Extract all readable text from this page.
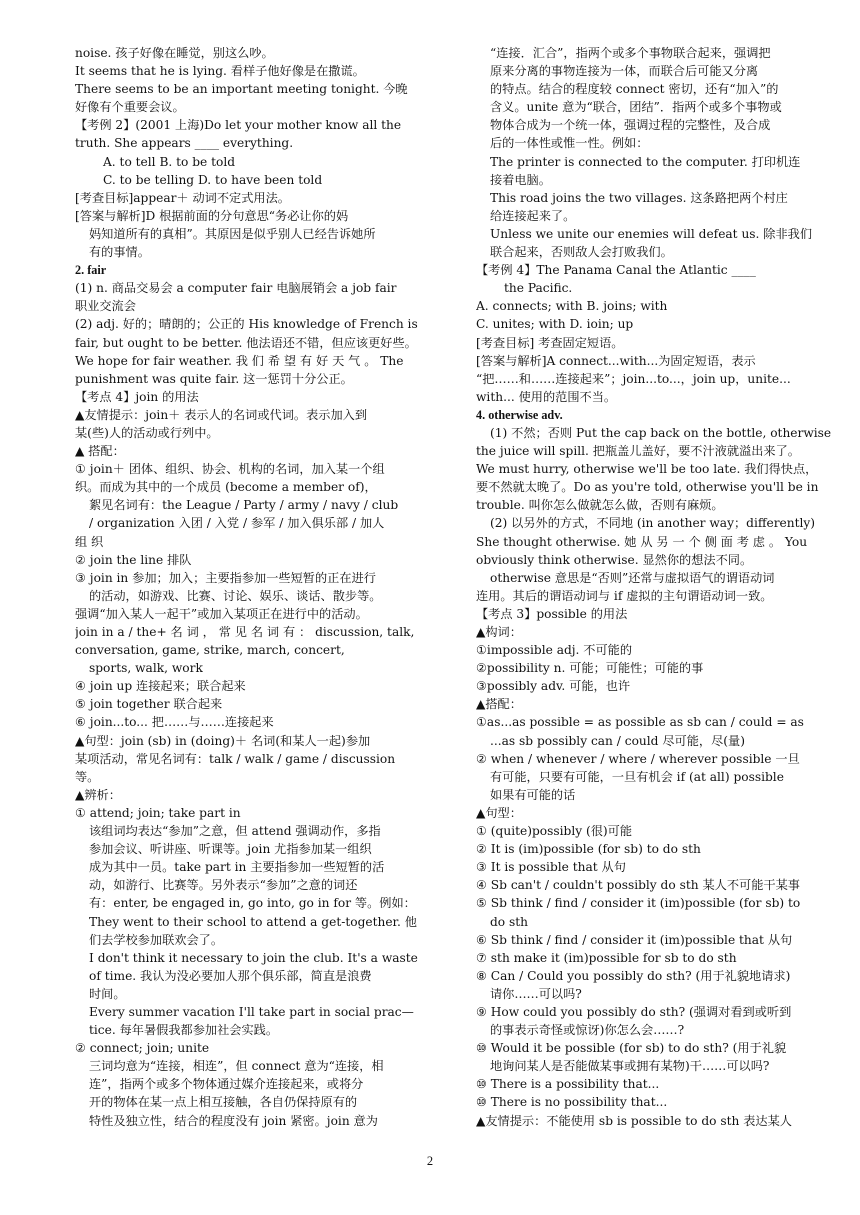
noise. 孩子好像在睡觉，别这么吵。
It seems that he is lying. 看样子他好像是在撒谎。
There seems to be an important meeting tonight. 今晚
好像有个重要会议。
【考例 2】(2001 上海)Do let your mother know all the
truth. She appears ____ everything.
A. to tell B. to be told
C. to be telling D. to have been told
[考查目标]appear＋ 动词不定式用法。
[答案与解析]D 根据前面的分句意思“务必让你的妈
妈知道所有的真相”。其原因是似乎别人已经告诉她所
有的事情。
2. fair
(1) n. 商品交易会 a computer fair 电脑展销会 a job fair
职业交流会
(2) adj. 好的；晴朗的；公正的 His knowledge of French is
fair, but ought to be better. 他法语还不错，但应该更好些。
We hope for fair weather. 我 们 希 望 有 好 天 气 。 The
punishment was quite fair. 这一惩罚十分公正。
【考点 4】join 的用法
▲友情提示：join＋ 表示人的名词或代词。表示加入到
某(些)人的活动或行列中。
▲ 搭配：
① join＋ 团体、组织、协会、机构的名词，加入某一个组
织。而成为其中的一个成员 (become a member of)，
絮见名词有：the League / Party / army / navy / club
/ organization 入团 / 入党 / 参军 / 加入俱乐部 / 加人
组 织
② join the line 排队
③ join in 参加；加入；主要指参加一些短暂的正在进行
的活动，如游戏、比赛、讨论、娱乐、谈话、散步等。
强调“加入某人一起干”或加入某项正在进行中的活动。
join in a / the+ 名 词 ， 常 见 名 词 有 ： discussion, talk,
conversation, game, strike, march, concert,
sports, walk, work
④ join up 连接起来；联合起来
⑤ join together 联合起来
⑥ join...to... 把……与……连接起来
▲句型：join (sb) in (doing)＋ 名词(和某人一起)参加
某项活动，常见名词有：talk / walk / game / discussion
等。
▲辨析：
① attend; join; take part in
该组词均表达“参加”之意，但 attend 强调动作，多指
参加会议、听讲座、听课等。join 尤指参加某一组织
成为其中一员。take part in 主要指参加一些短暂的活
动，如游行、比赛等。另外表示“参加”之意的词还
有：enter, be engaged in, go into, go in for 等。例如：
They went to their school to attend a get-together. 他
们去学校参加联欢会了。
I don't think it necessary to join the club. It's a waste
of time. 我认为没必要加人那个俱乐部，简直是浪费
时间。
Every summer vacation I'll take part in social prac—
tice. 每年暑假我都参加社会实践。
② connect; join; unite
三词均意为“连接，相连”，但 connect 意为“连接，相
连”，指两个或多个物体通过媒介连接起来，或将分
开的物体在某一点上相互接触，各自仍保持原有的
特性及独立性，结合的程度没有 join 紧密。join 意为
“连接．汇合”，指两个或多个事物联合起来，强调把
原来分离的事物连接为一体，而联合后可能又分离
的特点。结合的程度较 connect 密切，还有“加入”的
含义。unite 意为“联合，团结”．指两个或多个事物或
物体合成为一个统一体，强调过程的完整性，及合成
后的一体性或惟一性。例如：
The printer is connected to the computer. 打印机连
接着电脑。
This road joins the two villages. 这条路把两个村庄
给连接起来了。
Unless we unite our enemies will defeat us. 除非我们
联合起来，否则敌人会打败我们。
【考例 4】The Panama Canal the Atlantic ____
the Pacific.
A. connects; with B. joins; with
C. unites; with D. ioin; up
[考查目标] 考查固定短语。
[答案与解析]A connect...with...为固定短语，表示
“把……和……连接起来”；join...to...，join up，unite...
with... 使用的范围不当。
4. otherwise adv.
(1) 不然；否则 Put the cap back on the bottle, otherwise
the juice will spill. 把瓶盖儿盖好，要不汁液就溢出来了。
We must hurry, otherwise we'll be too late. 我们得快点，
要不然就太晚了。Do as you're told, otherwise you'll be in
trouble. 叫你怎么做就怎么做，否则有麻烦。
(2) 以另外的方式，不同地 (in another way；differently)
She thought otherwise. 她 从 另 一 个 侧 面 考 虑 。 You
obviously think otherwise. 显然你的想法不同。
otherwise 意思是“否则”还常与虚拟语气的谓语动词
连用。其后的谓语动词与 if 虚拟的主句谓语动词一致。
【考点 3】possible 的用法
▲构词：
①impossible adj. 不可能的
②possibility n. 可能；可能性；可能的事
③possibly adv. 可能，也许
▲搭配：
①as...as possible = as possible as sb can / could = as
...as sb possibly can / could 尽可能，尽(量)
② when / whenever / where / wherever possible 一旦
有可能，只要有可能，一旦有机会 if (at all) possible
如果有可能的话
▲句型：
① (quite)possibly (很)可能
② It is (im)possible (for sb) to do sth
③ It is possible that 从句
④ Sb can't / couldn't possibly do sth 某人不可能干某事
⑤ Sb think / find / consider it (im)possible (for sb) to
do sth
⑥ Sb think / find / consider it (im)possible that 从句
⑦ sth make it (im)possible for sb to do sth
⑧ Can / Could you possibly do sth? (用于礼貌地请求)
请你……可以吗?
⑨ How could you possibly do sth? (强调对看到或听到
的事表示奇怪或惊讶)你怎么会……?
⑩ Would it be possible (for sb) to do sth? (用于礼貌
地询问某人是否能做某事或拥有某物)干……可以吗?
⑩ There is a possibility that...
⑩ There is no possibility that...
▲友情提示：不能使用 sb is possible to do sth 表达某人
2
